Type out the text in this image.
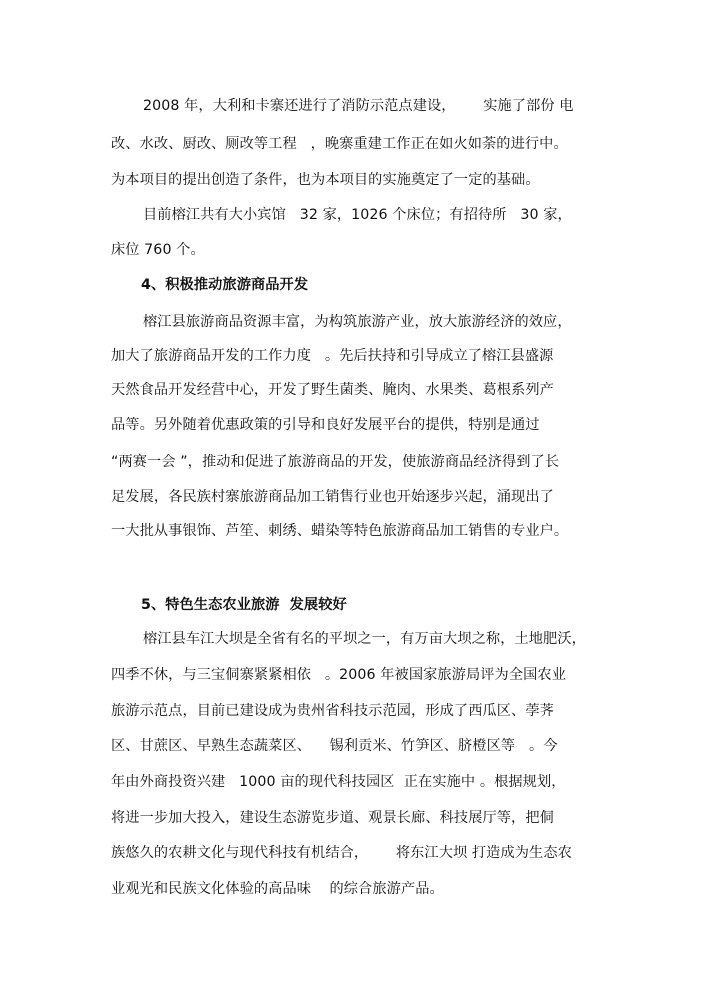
2008 年，大利和卡寨还进行了消防示范点建设，      实施了部份 电

改、水改、厨改、厕改等工程   ，晚寨重建工作正在如火如荼的进行中。

为本项目的提出创造了条件，也为本项目的实施奠定了一定的基础。

目前榕江共有大小宾馆   32 家，1026 个床位；有招待所   30 家，

床位 760 个。

4、积极推动旅游商品开发

榕江县旅游商品资源丰富，为构筑旅游产业，放大旅游经济的效应，

加大了旅游商品开发的工作力度   。先后扶持和引导成立了榕江县盛源

天然食品开发经营中心，开发了野生菌类、腌肉、水果类、葛根系列产

品等。另外随着优惠政策的引导和良好发展平台的提供，特别是通过

“两赛一会 ”，推动和促进了旅游商品的开发，使旅游商品经济得到了长

足发展，各民族村寨旅游商品加工销售行业也开始逐步兴起，涌现出了

一大批从事银饰、芦笙、刺绣、蜡染等特色旅游商品加工销售的专业户。

5、特色生态农业旅游  发展较好

榕江县车江大坝是全省有名的平坝之一，有万亩大坝之称，土地肥沃，

四季不休，与三宝侗寨紧紧相依   。2006 年被国家旅游局评为全国农业

旅游示范点，目前已建设成为贵州省科技示范园，形成了西瓜区、荸荠

区、甘蔗区、早熟生态蔬菜区、    锡利贡米、竹笋区、脐橙区等   。今

年由外商投资兴建   1000 亩的现代科技园区  正在实施中 。根据规划，

将进一步加大投入，建设生态游览步道、观景长廊、科技展厅等，把侗

族悠久的农耕文化与现代科技有机结合，      将东江大坝 打造成为生态农

业观光和民族文化体验的高品味    的综合旅游产品。
